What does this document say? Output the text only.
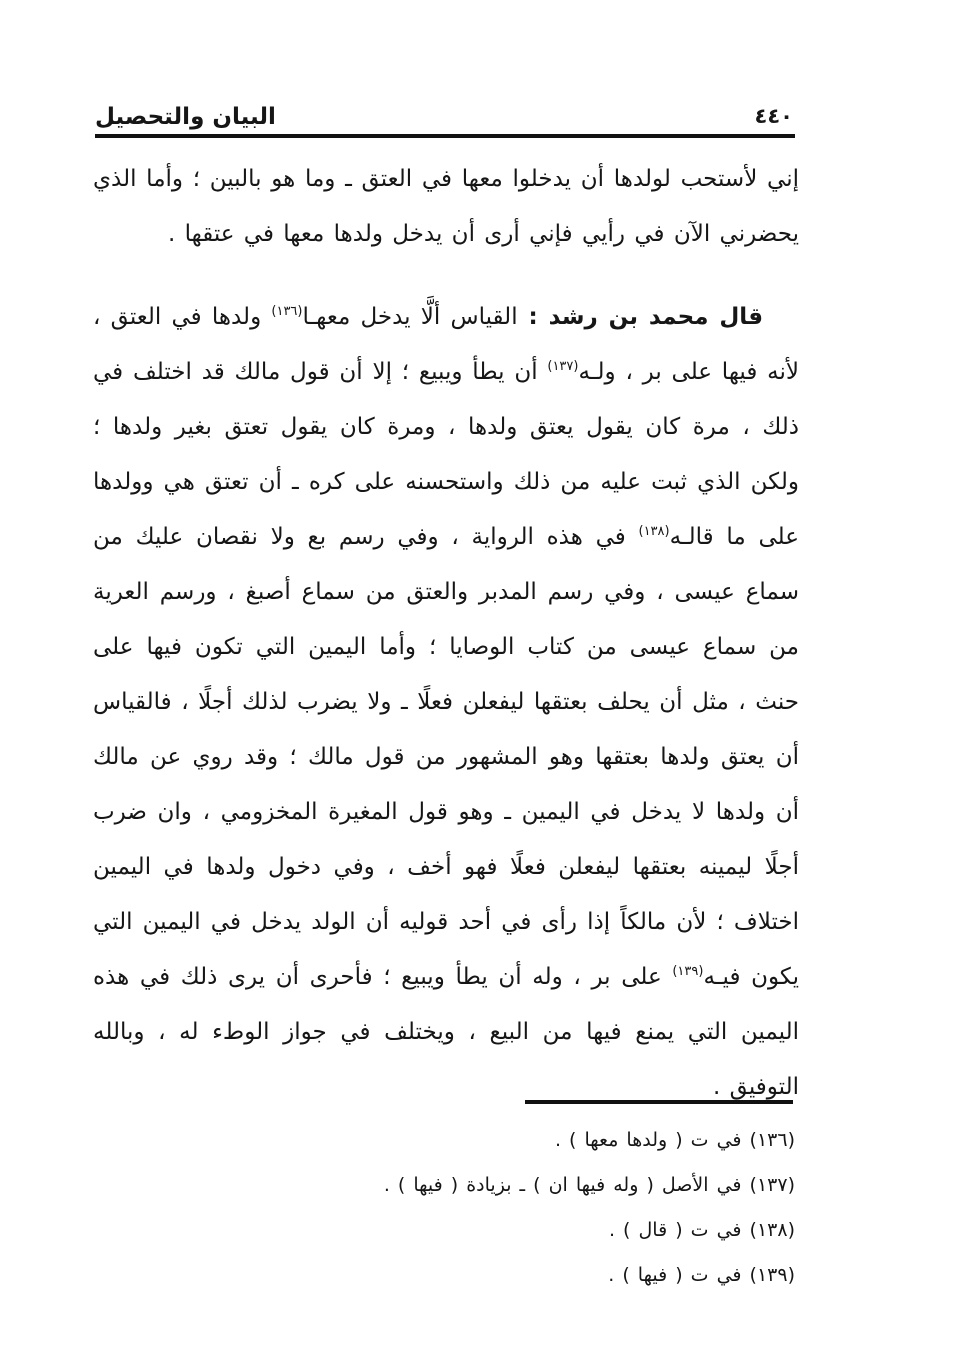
البيان والتحصيل	٤٤٠

إني لأستحب لولدها أن يدخلوا معها في العتق ـ وما هو بالبين ؛ وأما الذي يحضرني الآن في رأيي فإني أرى أن يدخل ولدها معها في عتقها .

قال محمد بن رشد : القياس ألَّا يدخل معهـا$^{(١٣٦)}$ ولدها في العتق ، لأنه فيها على بر ، ولـه$^{(١٣٧)}$ أن يطأ ويبيع ؛ إلا أن قول مالك قد اختلف في ذلك ، مرة كان يقول يعتق ولدها ، ومرة كان يقول تعتق بغير ولدها ؛ ولكن الذي ثبت عليه من ذلك واستحسنه على كره ـ أن تعتق هي وولدها على ما قالـه$^{(١٣٨)}$ في هذه الرواية ، وفي رسم بع ولا نقصان عليك من سماع عيسى ، وفي رسم المدبر والعتق من سماع أصبغ ، ورسم العرية من سماع عيسى من كتاب الوصايا ؛ وأما اليمين التي تكون فيها على حنث ، مثل أن يحلف بعتقها ليفعلن فعلًا ـ ولا يضرب لذلك أجلًا ، فالقياس أن يعتق ولدها بعتقها وهو المشهور من قول مالك ؛ وقد روي عن مالك أن ولدها لا يدخل في اليمين ـ وهو قول المغيرة المخزومي ، وان ضرب أجلًا ليمينه بعتقها ليفعلن فعلًا فهو أخف ، وفي دخول ولدها في اليمين اختلاف ؛ لأن مالكاً إذا رأى في أحد قوليه أن الولد يدخل في اليمين التي يكون فيـه$^{(١٣٩)}$ على بر ، وله أن يطأ ويبيع ؛ فأحرى أن يرى ذلك في هذه اليمين التي يمنع فيها من البيع ، ويختلف في جواز الوطء له ، وبالله التوفيق .

(١٣٦) في ت ( ولدها معها ) .
(١٣٧) في الأصل ( وله فيها ان ) ـ بزيادة ( فيها ) .
(١٣٨) في ت ( قال ) .
(١٣٩) في ت ( فيها ) .
